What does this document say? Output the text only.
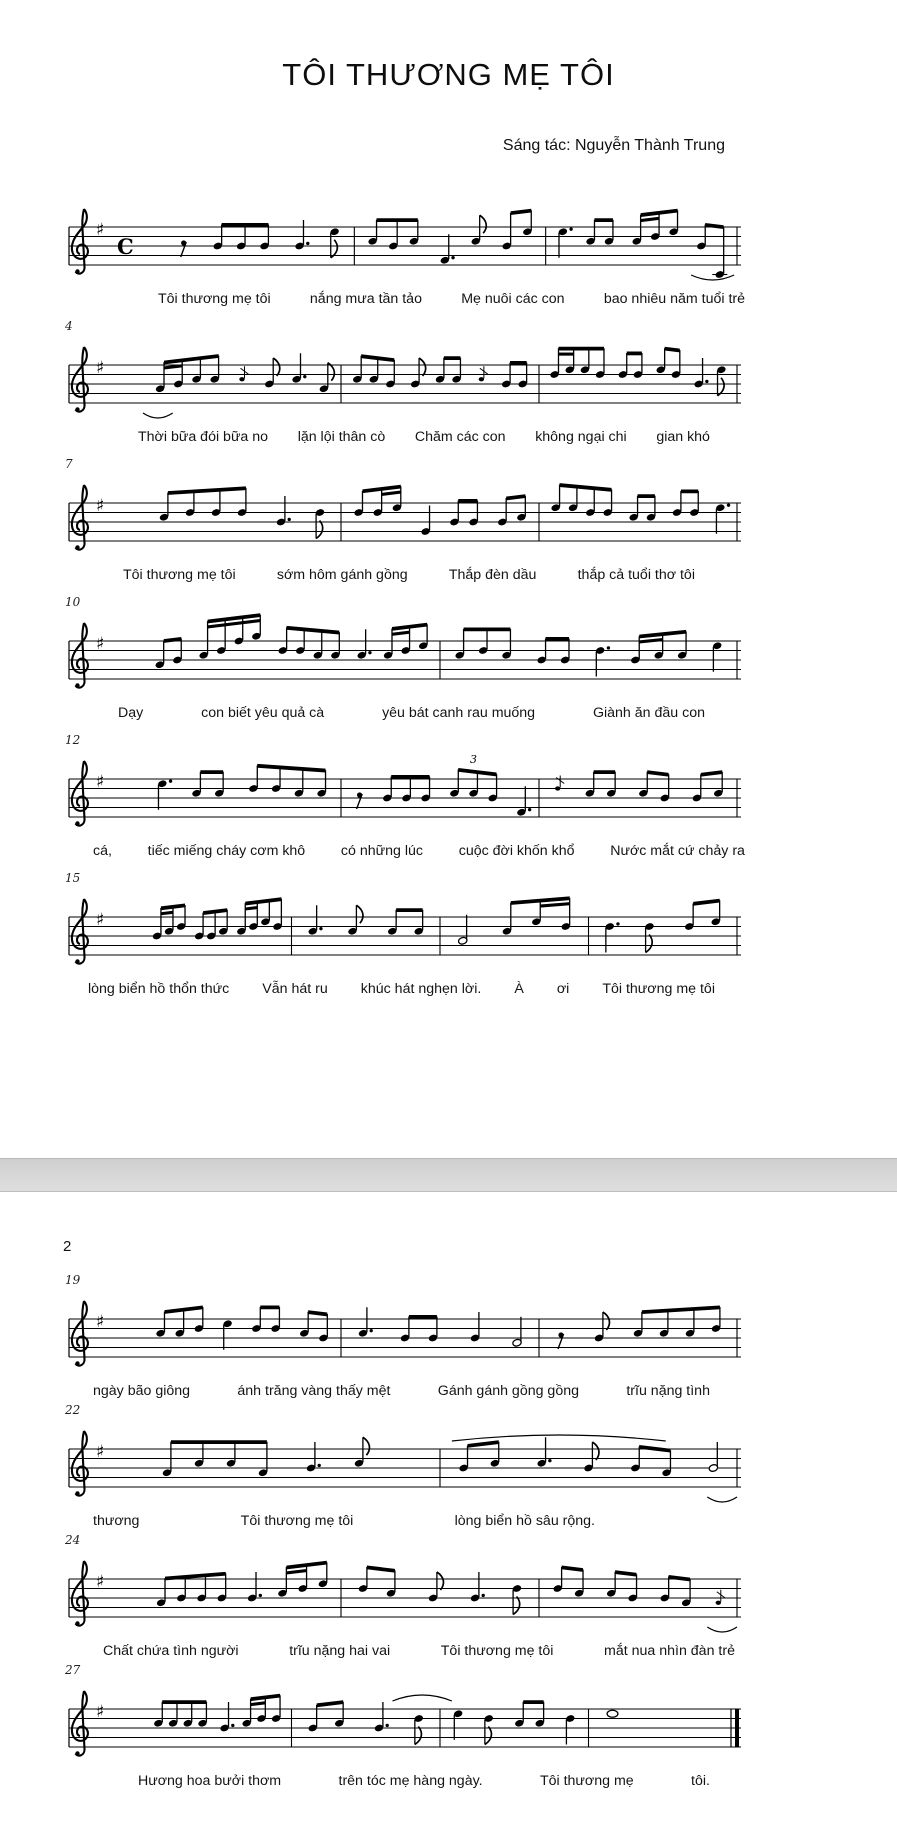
TÔI THƯƠNG MẸ TÔI
Sáng tác: Nguyễn Thành Trung
♯
C
Tôi thương mẹ tôi	nắng mưa tần tảo	Mẹ nuôi các con	bao nhiêu năm tuổi trẻ
4
♯
Thời bữa đói bữa no lặn lội thân cò Chăm các con không ngại chi gian khó
7
♯
Tôi thương mẹ tôi	sớm hôm gánh gồng	Thắp đèn dầu	thắp cả tuổi thơ tôi
10
♯
Dạy	con biết yêu quả cà	yêu bát canh rau muống	Giành ăn đầu con
12
♯
3
cá,	tiếc miếng cháy cơm khô	có những lúc	cuộc đời khốn khổ	Nước mắt cứ chảy ra
15
♯
lòng biển hồ thổn thức Vẫn hát ru khúc hát nghẹn lời. À ơi Tôi thương mẹ tôi
2
19
♯
ngày bão giông	ánh trăng vàng thấy mệt	Gánh gánh gồng gồng	trĩu nặng tình
22
♯
thương	Tôi thương mẹ tôi	lòng biển hồ sâu rộng.
24
♯
Chất chứa tình người	trĩu nặng hai vai	Tôi thương mẹ tôi	mắt nua nhìn đàn trẻ
27
♯
Hương hoa bưởi thơm	trên tóc mẹ hàng ngày.	Tôi thương mẹ	tôi.
